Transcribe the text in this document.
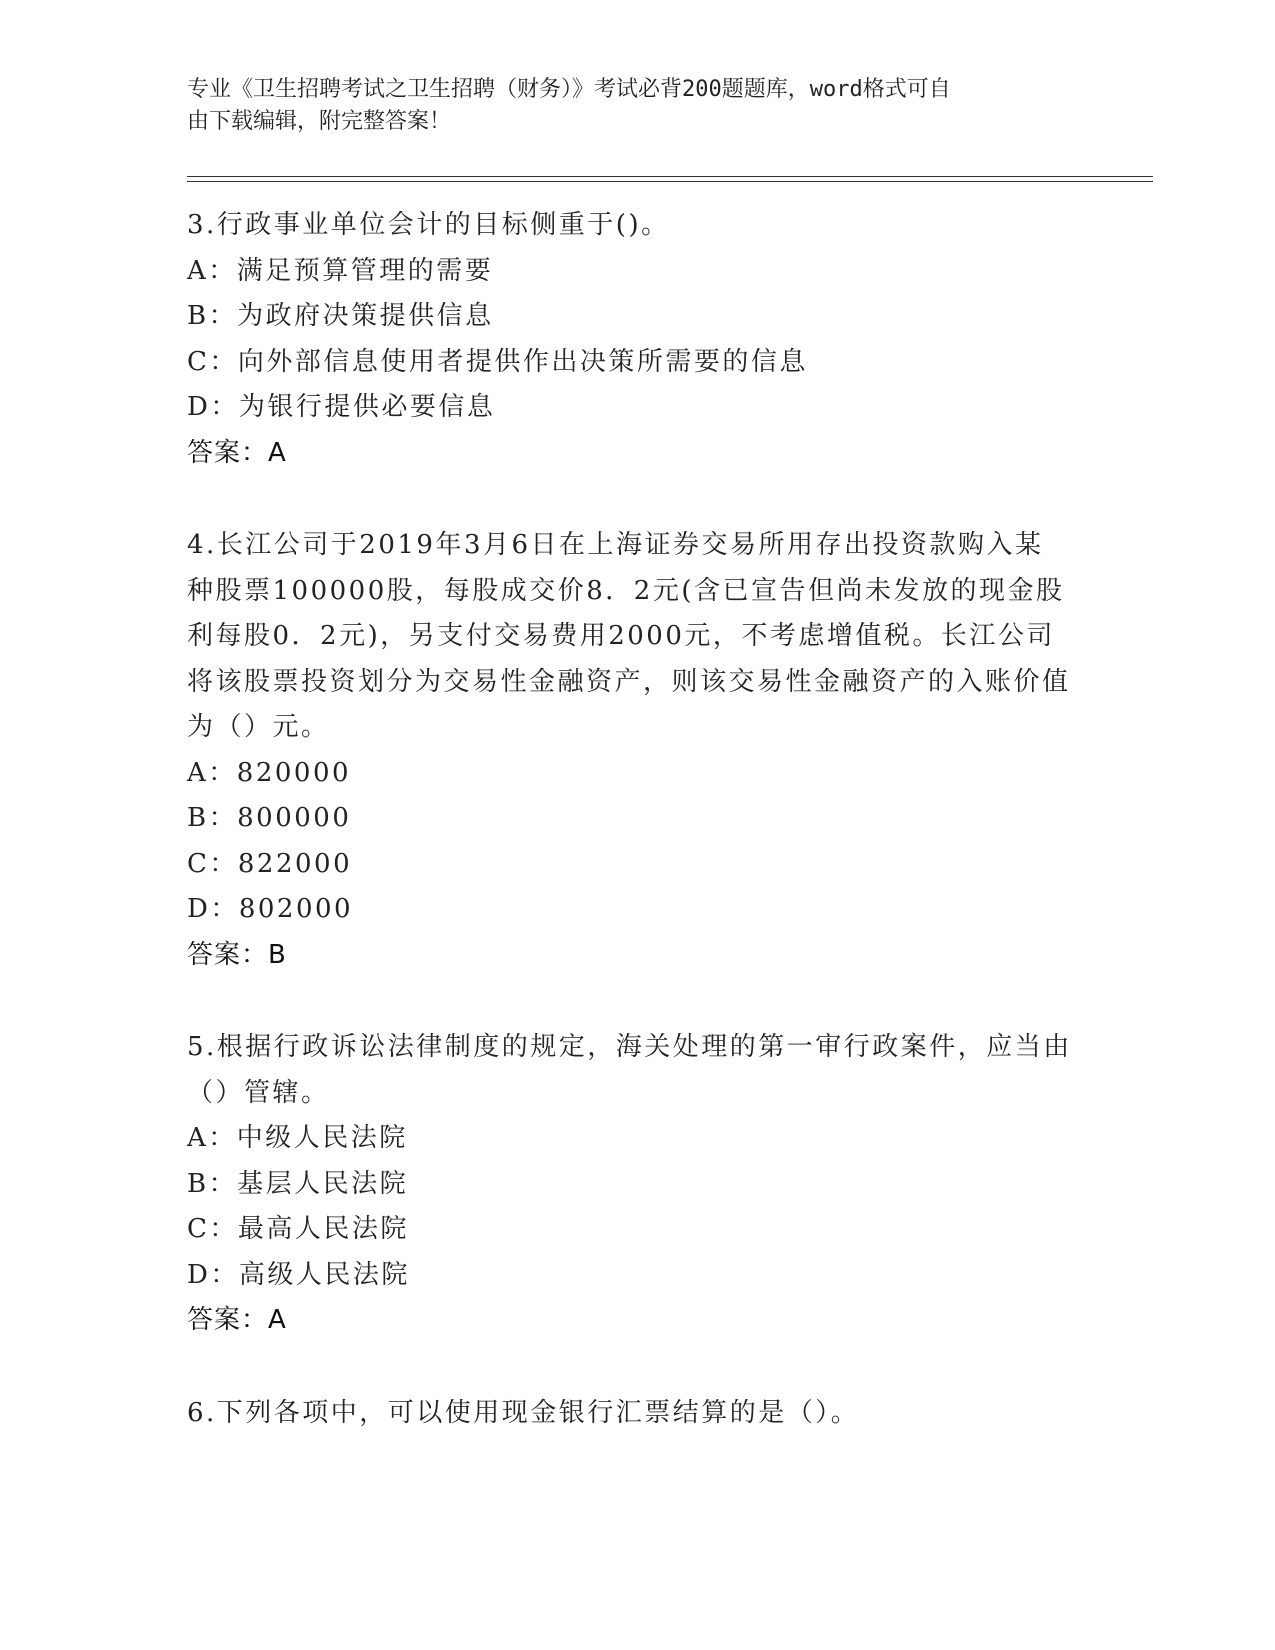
专业《卫生招聘考试之卫生招聘（财务）》考试必背200题题库，word格式可自
由下载编辑，附完整答案！
3.行政事业单位会计的目标侧重于()。
A：满足预算管理的需要
B：为政府决策提供信息
C：向外部信息使用者提供作出决策所需要的信息
D：为银行提供必要信息
答案：A
4.长江公司于2019年3月6日在上海证券交易所用存出投资款购入某种股票100000股，每股成交价8．2元(含已宣告但尚未发放的现金股利每股0．2元)，另支付交易费用2000元，不考虑增值税。长江公司将该股票投资划分为交易性金融资产，则该交易性金融资产的入账价值为（）元。
A：820000
B：800000
C：822000
D：802000
答案：B
5.根据行政诉讼法律制度的规定，海关处理的第一审行政案件，应当由（）管辖。
A：中级人民法院
B：基层人民法院
C：最高人民法院
D：高级人民法院
答案：A
6.下列各项中，可以使用现金银行汇票结算的是（）。
